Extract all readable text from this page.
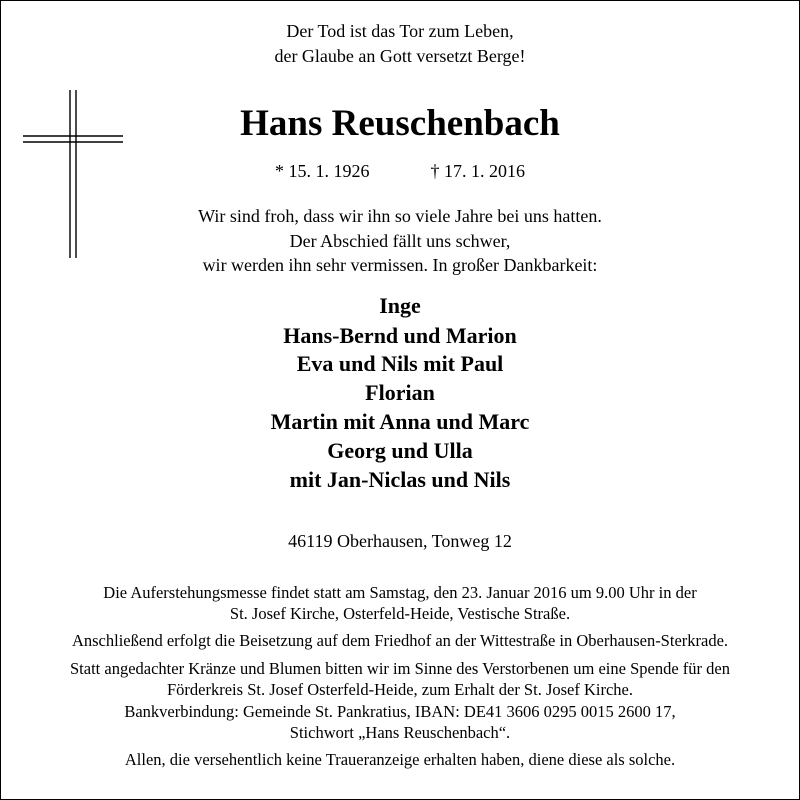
Der Tod ist das Tor zum Leben,
der Glaube an Gott versetzt Berge!
Hans Reuschenbach
* 15. 1. 1926	† 17. 1. 2016
Wir sind froh, dass wir ihn so viele Jahre bei uns hatten.
Der Abschied fällt uns schwer,
wir werden ihn sehr vermissen. In großer Dankbarkeit:
Inge
Hans-Bernd und Marion
Eva und Nils mit Paul
Florian
Martin mit Anna und Marc
Georg und Ulla
mit Jan-Niclas und Nils
46119 Oberhausen, Tonweg 12
Die Auferstehungsmesse findet statt am Samstag, den 23. Januar 2016 um 9.00 Uhr in der
St. Josef Kirche, Osterfeld-Heide, Vestische Straße.
Anschließend erfolgt die Beisetzung auf dem Friedhof an der Wittestraße in Oberhausen-Sterkrade.
Statt angedachter Kränze und Blumen bitten wir im Sinne des Verstorbenen um eine Spende für den
Förderkreis St. Josef Osterfeld-Heide, zum Erhalt der St. Josef Kirche.
Bankverbindung: Gemeinde St. Pankratius, IBAN: DE41 3606 0295 0015 2600 17,
Stichwort „Hans Reuschenbach“.
Allen, die versehentlich keine Traueranzeige erhalten haben, diene diese als solche.
